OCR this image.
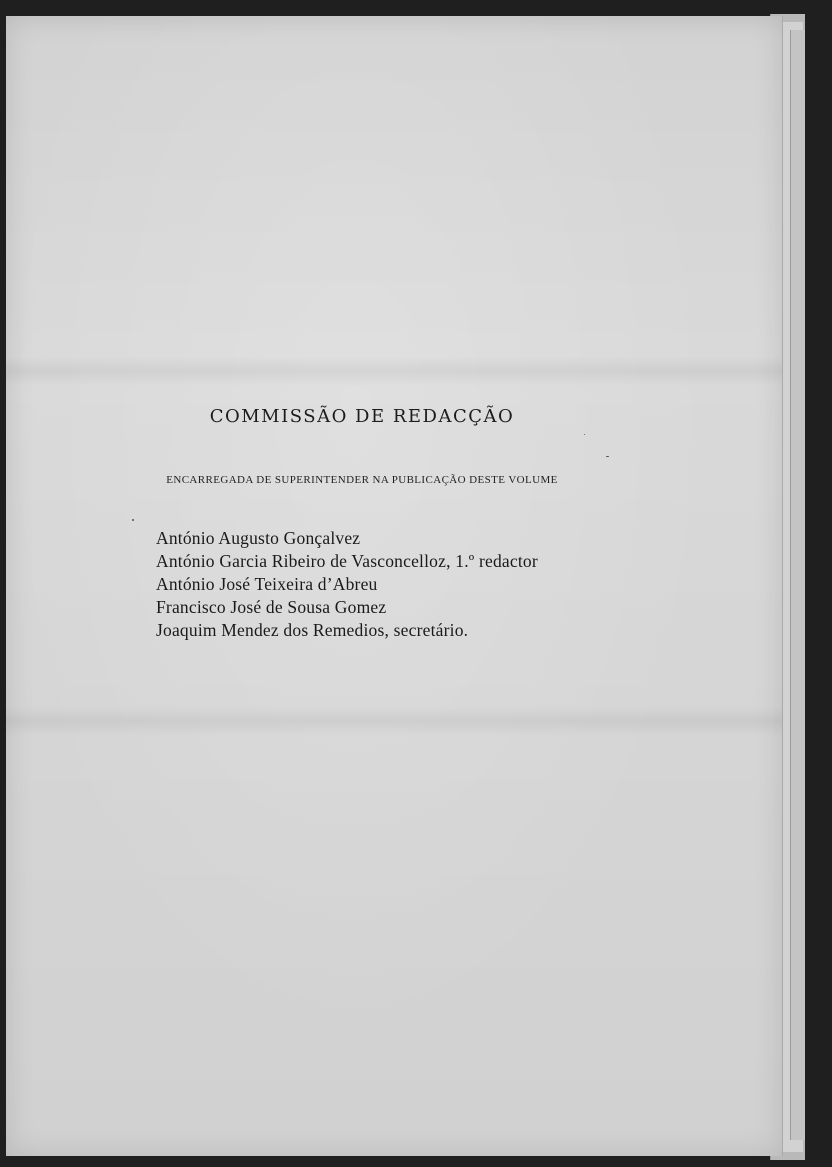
COMMISSÃO DE REDACÇÃO

ENCARREGADA DE SUPERINTENDER NA PUBLICAÇÃO DESTE VOLUME

António Augusto Gonçalvez
António Garcia Ribeiro de Vasconcelloz, 1.º redactor
António José Teixeira d’Abreu
Francisco José de Sousa Gomez
Joaquim Mendez dos Remedios, secretário.
